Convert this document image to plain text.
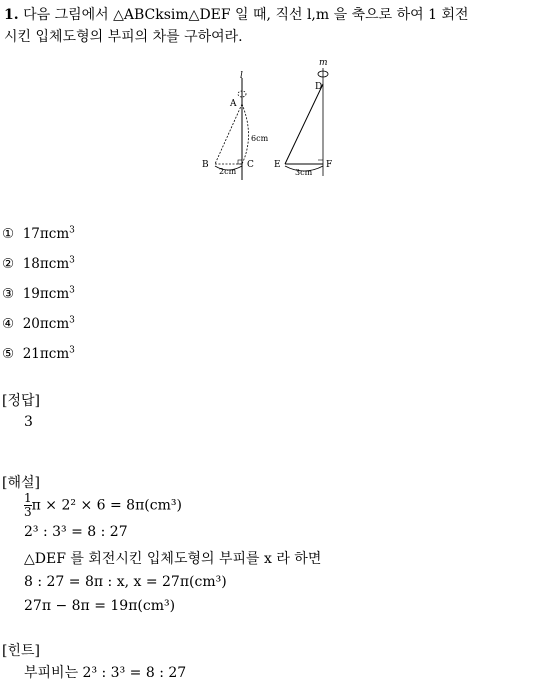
1. 다음 그림에서 △ABCksim△DEF 일 때, 직선 l,m 을 축으로 하여 1 회전
시킨 입체도형의 부피의 차를 구하여라.
l
m
A
B	C
D
E	F
6cm
2cm	3cm
① 17πcm$^3$
② 18πcm$^3$
③ 19πcm$^3$
④ 20πcm$^3$
⑤ 21πcm$^3$
[정답]
3
[해설]
$\frac{1}{3}$ π × 2² × 6 = 8π(cm³)
2³ : 3³ = 8 : 27
△DEF 를 회전시킨 입체도형의 부피를 x 라 하면
8 : 27 = 8π : x, x = 27π(cm³)
27π − 8π = 19π(cm³)
[힌트]
부피비는 2³ : 3³ = 8 : 27
